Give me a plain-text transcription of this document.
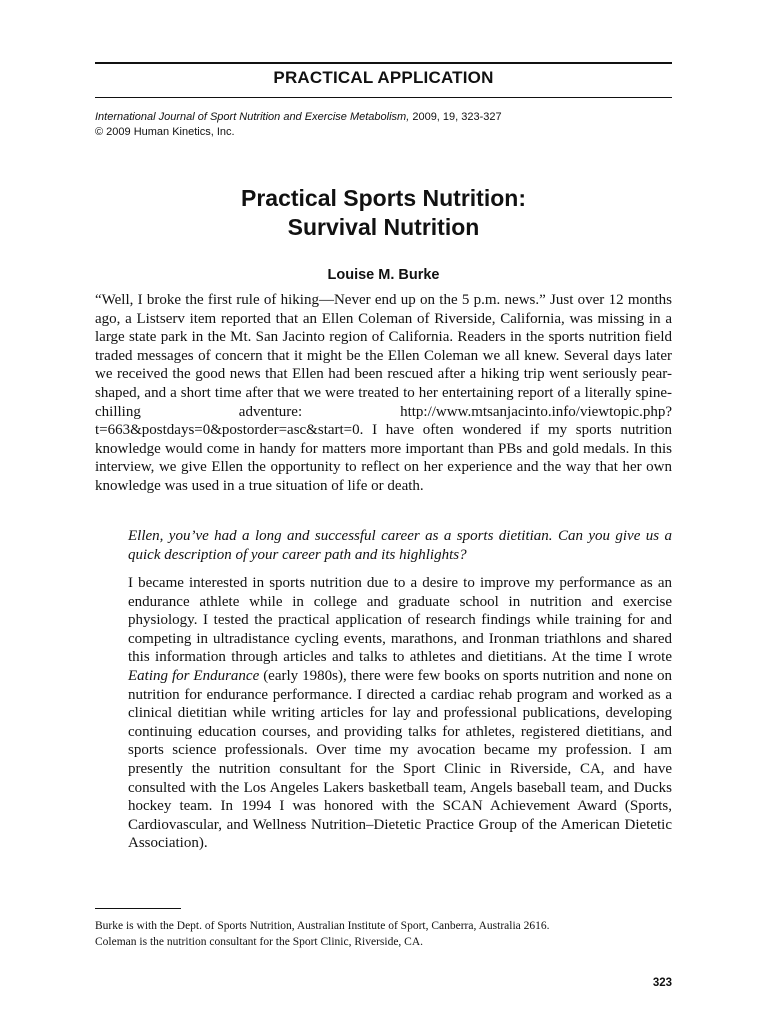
PRACTICAL APPLICATION
International Journal of Sport Nutrition and Exercise Metabolism, 2009, 19, 323-327
© 2009 Human Kinetics, Inc.
Practical Sports Nutrition:
Survival Nutrition
Louise M. Burke
“Well, I broke the first rule of hiking—Never end up on the 5 p.m. news.” Just over 12 months ago, a Listserv item reported that an Ellen Coleman of Riverside, California, was missing in a large state park in the Mt. San Jacinto region of California. Readers in the sports nutrition field traded messages of concern that it might be the Ellen Coleman we all knew. Several days later we received the good news that Ellen had been rescued after a hiking trip went seriously pear-shaped, and a short time after that we were treated to her entertaining report of a literally spine-chilling adventure: http://www.mtsanjacinto.info/viewtopic.php?t=663&postdays=0&postorder=asc&start=0. I have often wondered if my sports nutrition knowledge would come in handy for matters more important than PBs and gold medals. In this interview, we give Ellen the opportunity to reflect on her experience and the way that her own knowledge was used in a true situation of life or death.
Ellen, you’ve had a long and successful career as a sports dietitian. Can you give us a quick description of your career path and its highlights?
I became interested in sports nutrition due to a desire to improve my performance as an endurance athlete while in college and graduate school in nutrition and exercise physiology. I tested the practical application of research findings while training for and competing in ultradistance cycling events, marathons, and Ironman triathlons and shared this information through articles and talks to athletes and dietitians. At the time I wrote Eating for Endurance (early 1980s), there were few books on sports nutrition and none on nutrition for endurance performance. I directed a cardiac rehab program and worked as a clinical dietitian while writing articles for lay and professional publications, developing continuing education courses, and providing talks for athletes, registered dietitians, and sports science professionals. Over time my avocation became my profession. I am presently the nutrition consultant for the Sport Clinic in Riverside, CA, and have consulted with the Los Angeles Lakers basketball team, Angels baseball team, and Ducks hockey team. In 1994 I was honored with the SCAN Achievement Award (Sports, Cardiovascular, and Wellness Nutrition–Dietetic Practice Group of the American Dietetic Association).
Burke is with the Dept. of Sports Nutrition, Australian Institute of Sport, Canberra, Australia 2616.
Coleman is the nutrition consultant for the Sport Clinic, Riverside, CA.
323
